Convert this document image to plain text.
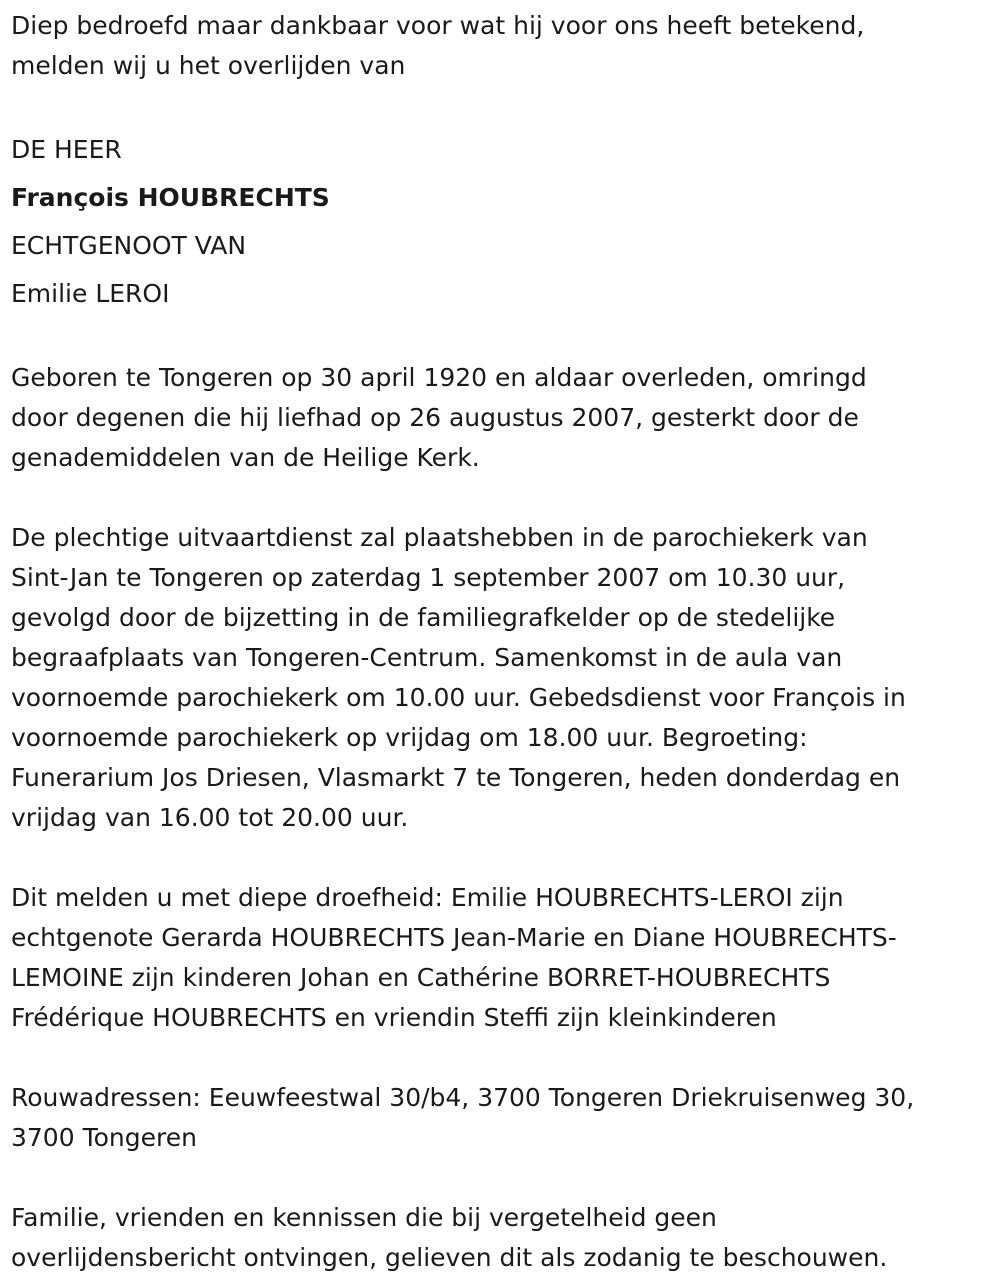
Diep bedroefd maar dankbaar voor wat hij voor ons heeft betekend,

melden wij u het overlijden van

DE HEER

François HOUBRECHTS

ECHTGENOOT VAN

Emilie LEROI

Geboren te Tongeren op 30 april 1920 en aldaar overleden, omringd

door degenen die hij liefhad op 26 augustus 2007, gesterkt door de

genademiddelen van de Heilige Kerk.

De plechtige uitvaartdienst zal plaatshebben in de parochiekerk van

Sint-Jan te Tongeren op zaterdag 1 september 2007 om 10.30 uur,

gevolgd door de bijzetting in de familiegrafkelder op de stedelijke

begraafplaats van Tongeren-Centrum. Samenkomst in de aula van

voornoemde parochiekerk om 10.00 uur. Gebedsdienst voor François in

voornoemde parochiekerk op vrijdag om 18.00 uur. Begroeting:

Funerarium Jos Driesen, Vlasmarkt 7 te Tongeren, heden donderdag en

vrijdag van 16.00 tot 20.00 uur.

Dit melden u met diepe droefheid: Emilie HOUBRECHTS-LEROI zijn

echtgenote Gerarda HOUBRECHTS Jean-Marie en Diane HOUBRECHTS-

LEMOINE zijn kinderen Johan en Cathérine BORRET-HOUBRECHTS

Frédérique HOUBRECHTS en vriendin Steffi zijn kleinkinderen

Rouwadressen: Eeuwfeestwal 30/b4, 3700 Tongeren Driekruisenweg 30,

3700 Tongeren

Familie, vrienden en kennissen die bij vergetelheid geen

overlijdensbericht ontvingen, gelieven dit als zodanig te beschouwen.
